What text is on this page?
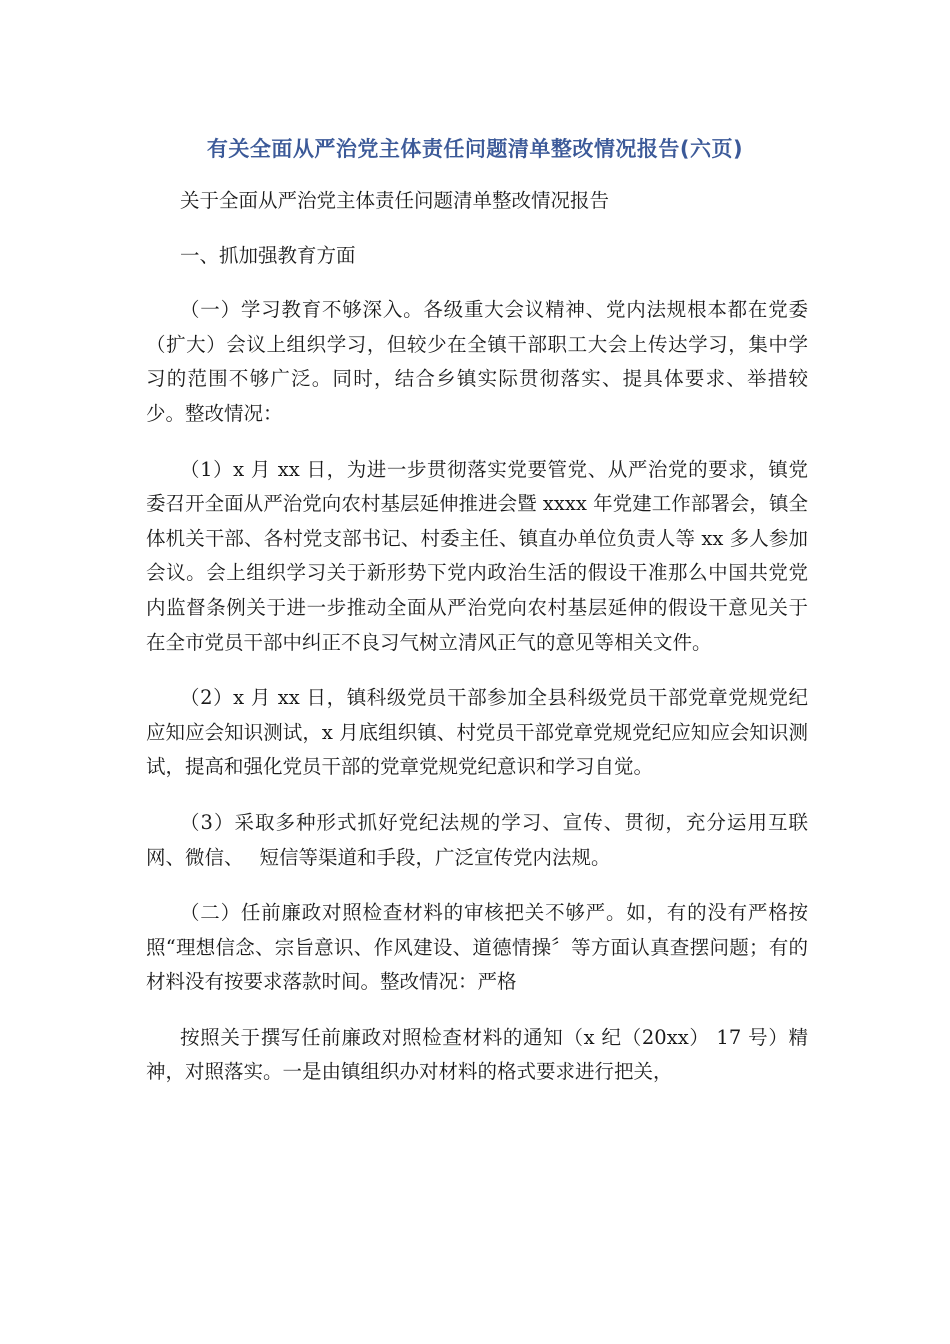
有关全面从严治党主体责任问题清单整改情况报告(六页)

关于全面从严治党主体责任问题清单整改情况报告

一、抓加强教育方面

（一）学习教育不够深入。各级重大会议精神、党内法规根本都在党委（扩大）会议上组织学习，但较少在全镇干部职工大会上传达学习，集中学习的范围不够广泛。同时，结合乡镇实际贯彻落实、提具体要求、举措较少。整改情况：

（1）x 月 xx 日，为进一步贯彻落实党要管党、从严治党的要求，镇党委召开全面从严治党向农村基层延伸推进会暨 xxxx 年党建工作部署会，镇全体机关干部、各村党支部书记、村委主任、镇直办单位负责人等 xx 多人参加会议。会上组织学习关于新形势下党内政治生活的假设干准那么中国共党党内监督条例关于进一步推动全面从严治党向农村基层延伸的假设干意见关于在全市党员干部中纠正不良习气树立清风正气的意见等相关文件。

（2）x 月 xx 日，镇科级党员干部参加全县科级党员干部党章党规党纪应知应会知识测试，x 月底组织镇、村党员干部党章党规党纪应知应会知识测试，提高和强化党员干部的党章党规党纪意识和学习自觉。

（3）采取多种形式抓好党纪法规的学习、宣传、贯彻，充分运用互联网、微信、　 短信等渠道和手段，广泛宣传党内法规。

（二）任前廉政对照检查材料的审核把关不够严。如，有的没有严格按照“理想信念、宗旨意识、作风建设、道德情操〞等方面认真查摆问题；有的材料没有按要求落款时间。整改情况：严格

按照关于撰写任前廉政对照检查材料的通知（x 纪（20xx） 17 号）精神，对照落实。一是由镇组织办对材料的格式要求进行把关，
